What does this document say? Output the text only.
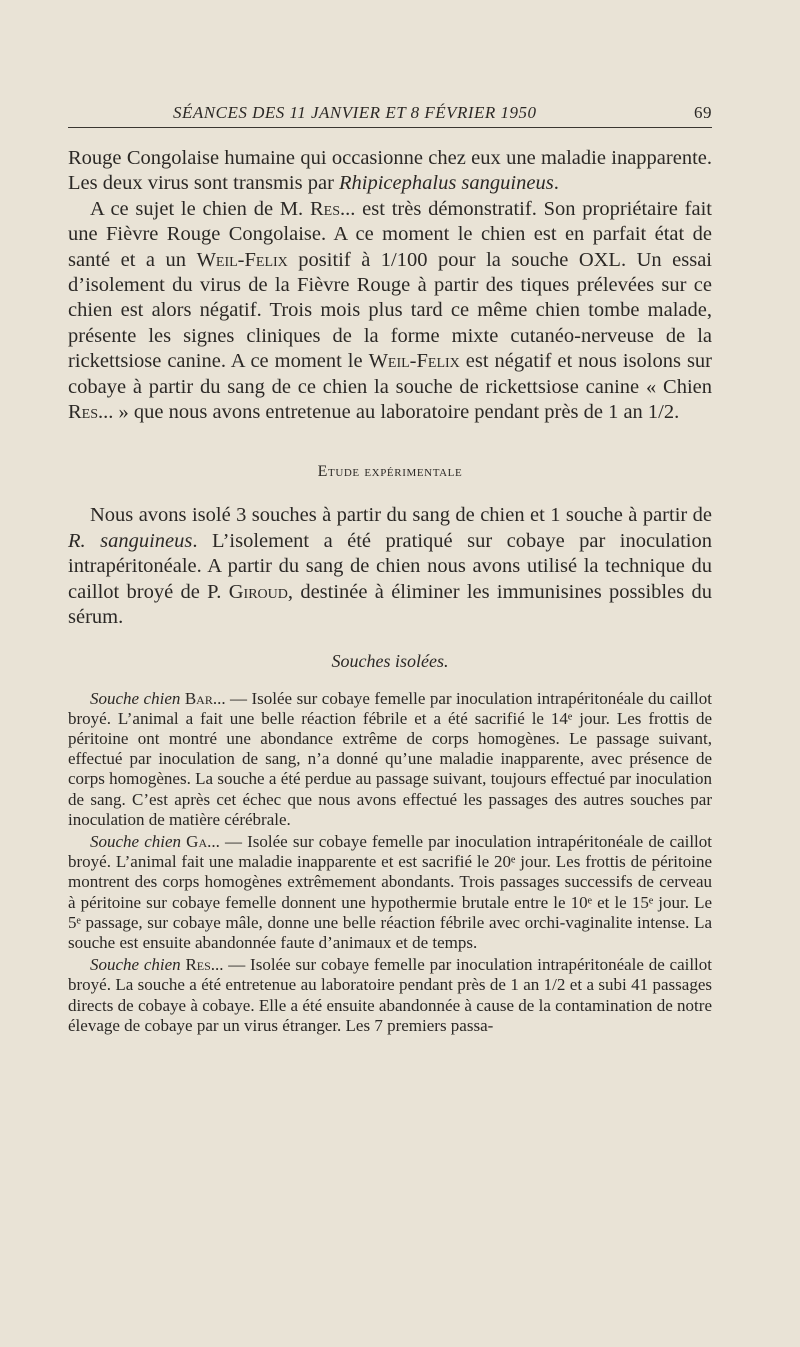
SÉANCES DES 11 JANVIER ET 8 FÉVRIER 1950	69

Rouge Congolaise humaine qui occasionne chez eux une maladie inapparente. Les deux virus sont transmis par Rhipicephalus sanguineus.

A ce sujet le chien de M. Res... est très démonstratif. Son propriétaire fait une Fièvre Rouge Congolaise. A ce moment le chien est en parfait état de santé et a un Weil-Felix positif à 1/100 pour la souche OXL. Un essai d’isolement du virus de la Fièvre Rouge à partir des tiques prélevées sur ce chien est alors négatif. Trois mois plus tard ce même chien tombe malade, présente les signes cliniques de la forme mixte cutanéo-nerveuse de la rickettsiose canine. A ce moment le Weil-Felix est négatif et nous isolons sur cobaye à partir du sang de ce chien la souche de rickettsiose canine « Chien Res... » que nous avons entretenue au laboratoire pendant près de 1 an 1/2.

Etude expérimentale

Nous avons isolé 3 souches à partir du sang de chien et 1 souche à partir de R. sanguineus. L’isolement a été pratiqué sur cobaye par inoculation intrapéritonéale. A partir du sang de chien nous avons utilisé la technique du caillot broyé de P. Giroud, destinée à éliminer les immunisines possibles du sérum.

Souches isolées.

Souche chien Bar... — Isolée sur cobaye femelle par inoculation intrapéritonéale du caillot broyé. L’animal a fait une belle réaction fébrile et a été sacrifié le 14ᵉ jour. Les frottis de péritoine ont montré une abondance extrême de corps homogènes. Le passage suivant, effectué par inoculation de sang, n’a donné qu’une maladie inapparente, avec présence de corps homogènes. La souche a été perdue au passage suivant, toujours effectué par inoculation de sang. C’est après cet échec que nous avons effectué les passages des autres souches par inoculation de matière cérébrale.

Souche chien Ga... — Isolée sur cobaye femelle par inoculation intrapéritonéale de caillot broyé. L’animal fait une maladie inapparente et est sacrifié le 20ᵉ jour. Les frottis de péritoine montrent des corps homogènes extrêmement abondants. Trois passages successifs de cerveau à péritoine sur cobaye femelle donnent une hypothermie brutale entre le 10ᵉ et le 15ᵉ jour. Le 5ᵉ passage, sur cobaye mâle, donne une belle réaction fébrile avec orchi-vaginalite intense. La souche est ensuite abandonnée faute d’animaux et de temps.

Souche chien Res... — Isolée sur cobaye femelle par inoculation intrapéritonéale de caillot broyé. La souche a été entretenue au laboratoire pendant près de 1 an 1/2 et a subi 41 passages directs de cobaye à cobaye. Elle a été ensuite abandonnée à cause de la contamination de notre élevage de cobaye par un virus étranger. Les 7 premiers passa-
